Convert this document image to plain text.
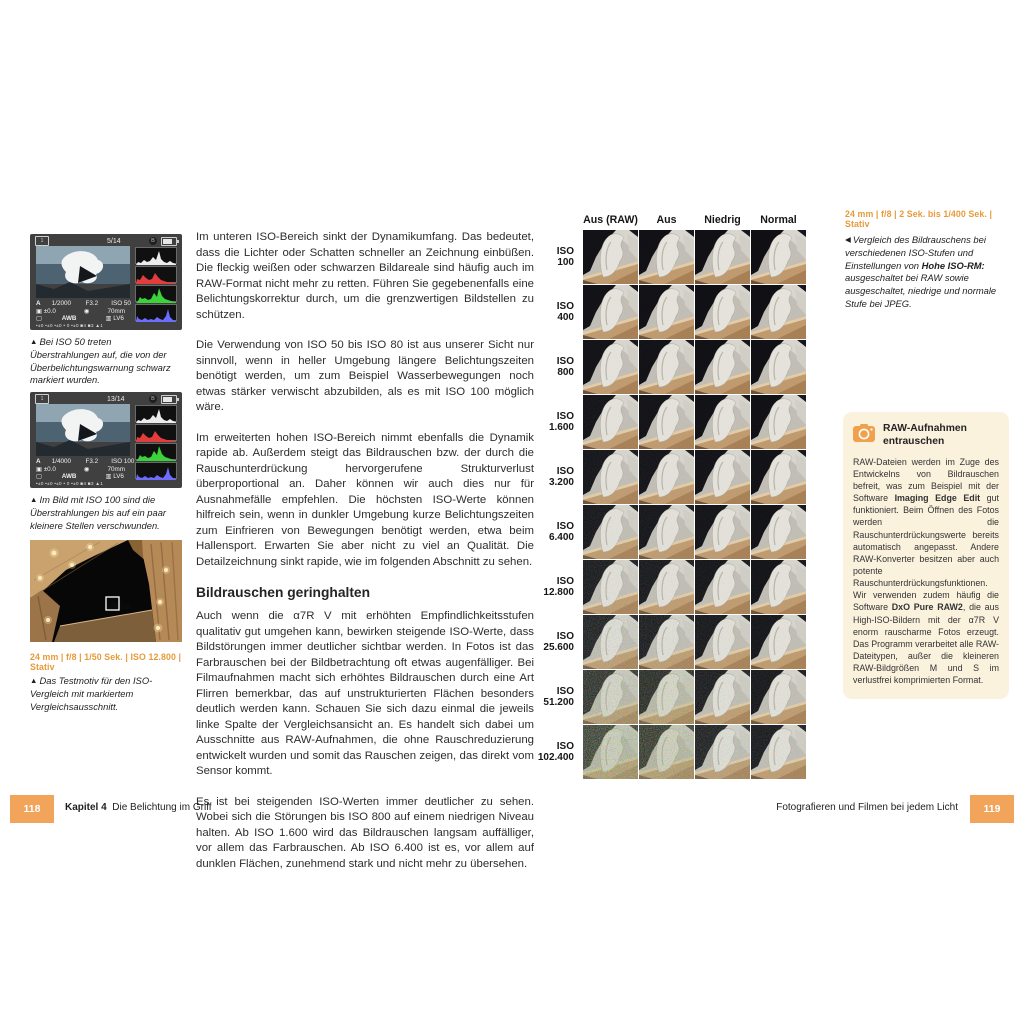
1	5/14	B
A 1/2000 F3.2 ISO 50
▣ ±0.0	◉	70mm
▢	AWB	▥ LV6
•±0 •±0 •±0 • 0 •±0 ■4 ■3 ▲1
▲ Bei ISO 50 treten Überstrahlungen auf, die von der Überbelichtungswarnung schwarz markiert wurden.
1	13/14	B
A 1/4000 F3.2 ISO 100
▣ ±0.0	◉	70mm
▢	AWB	▥ LV6
•±0 •±0 •±0 • 0 •±0 ■4 ■3 ▲1
▲ Im Bild mit ISO 100 sind die Überstrahlungen bis auf ein paar kleinere Stellen verschwunden.
24 mm | f/8 | 1/50 Sek. | ISO 12.800 | Stativ
▲ Das Testmotiv für den ISO-Vergleich mit markiertem Vergleichsausschnitt.

Im unteren ISO-Bereich sinkt der Dynamikumfang. Das bedeutet, dass die Lichter oder Schatten schneller an Zeichnung einbüßen. Die fleckig weißen oder schwarzen Bildareale sind häufig auch im RAW-Format nicht mehr zu retten. Führen Sie gegebenenfalls eine Belichtungskorrektur durch, um die grenzwertigen Bildstellen zu schützen.

Die Verwendung von ISO 50 bis ISO 80 ist aus unserer Sicht nur sinnvoll, wenn in heller Umgebung längere Belichtungszeiten benötigt werden, um zum Beispiel Wasserbewegungen noch etwas stärker verwischt abzubilden, als es mit ISO 100 möglich wäre.

Im erweiterten hohen ISO-Bereich nimmt ebenfalls die Dynamik rapide ab. Außerdem steigt das Bildrauschen bzw. der durch die Rauschunterdrückung hervorgerufene Strukturverlust überproportional an. Daher können wir auch dies nur für Ausnahmefälle empfehlen. Die höchsten ISO-Werte können hilfreich sein, wenn in dunkler Umgebung kurze Belichtungszeiten zum Einfrieren von Bewegungen benötigt werden, etwa beim Hallensport. Erwarten Sie aber nicht zu viel an Qualität. Die Detailzeichnung sinkt rapide, wie im folgenden Abschnitt zu sehen.

Bildrauschen geringhalten

Auch wenn die α7R V mit erhöhten Empfindlichkeitsstufen qualitativ gut umgehen kann, bewirken steigende ISO-Werte, dass Bildstörungen immer deutlicher sichtbar werden. In Fotos ist das Farbrauschen bei der Bildbetrachtung oft etwas augenfälliger. Bei Filmaufnahmen macht sich erhöhtes Bildrauschen durch eine Art Flirren bemerkbar, das auf unstrukturierten Flächen besonders deutlich werden kann. Schauen Sie sich dazu einmal die jeweils linke Spalte der Vergleichsansicht an. Es handelt sich dabei um Ausschnitte aus RAW-Aufnahmen, die ohne Rauschreduzierung entwickelt wurden und somit das Rauschen zeigen, das direkt vom Sensor kommt.

Es ist bei steigenden ISO-Werten immer deutlicher zu sehen. Wobei sich die Störungen bis ISO 800 auf einem niedrigen Niveau halten. Ab ISO 1.600 wird das Bildrauschen langsam auffälliger, vor allem das Farbrauschen. Ab ISO 6.400 ist es, vor allem auf dunklen Flächen, zunehmend stark und nicht mehr zu übersehen.

Aus (RAW)	Aus	Niedrig	Normal
ISO
100
ISO
400
ISO
800
ISO
1.600
ISO
3.200
ISO
6.400
ISO
12.800
ISO
25.600
ISO
51.200
ISO
102.400
24 mm | f/8 | 2 Sek. bis 1/400 Sek. | Stativ
◀ Vergleich des Bildrauschens bei verschiedenen ISO-Stufen und Einstellungen von Hohe ISO-RM: ausgeschaltet bei RAW sowie ausgeschaltet, niedrige und normale Stufe bei JPEG.
RAW-Aufnahmen entrauschen
RAW-Dateien werden im Zuge des Entwickelns von Bildrauschen befreit, was zum Beispiel mit der Software Imaging Edge Edit gut funktioniert. Beim Öffnen des Fotos werden die Rauschunterdrückungswerte bereits automatisch angepasst. Andere RAW-Konverter besitzen aber auch potente Rauschunterdrückungsfunktionen. Wir verwenden zudem häufig die Software DxO Pure RAW2, die aus High-ISO-Bildern mit der α7R V enorm rauscharme Fotos erzeugt. Das Programm verarbeitet alle RAW-Dateitypen, außer die kleineren RAW-Bildgrößen M und S im verlustfrei komprimierten Format.
118	Kapitel 4 Die Belichtung im Griff	Fotografieren und Filmen bei jedem Licht	119
